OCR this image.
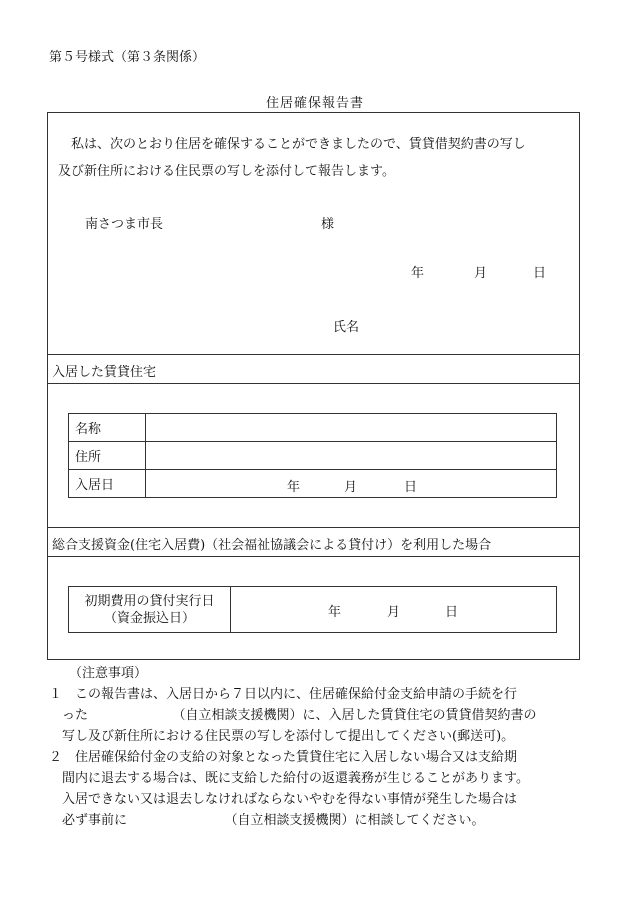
第５号様式（第３条関係）
住居確保報告書
私は、次のとおり住居を確保することができましたので、賃貸借契約書の写し
及び新住所における住民票の写しを添付して報告します。
南さつま市長	様
年	月	日
氏名
入居した賃貸住宅
名称	
住所	
入居日	年 月 日
総合支援資金(住宅入居費)（社会福祉協議会による貸付け）を利用した場合
初期費用の貸付実行日
（資金振込日）	年	月	日
（注意事項）
１ この報告書は、入居日から７日以内に、住居確保給付金支給申請の手続を行
った　　　　　　　（自立相談支援機関）に、入居した賃貸住宅の賃貸借契約書の
写し及び新住所における住民票の写しを添付して提出してください(郵送可)。
２ 住居確保給付金の支給の対象となった賃貸住宅に入居しない場合又は支給期
間内に退去する場合は、既に支給した給付の返還義務が生じることがあります。
入居できない又は退去しなければならないやむを得ない事情が発生した場合は
必ず事前に　　　　　　　　（自立相談支援機関）に相談してください。
